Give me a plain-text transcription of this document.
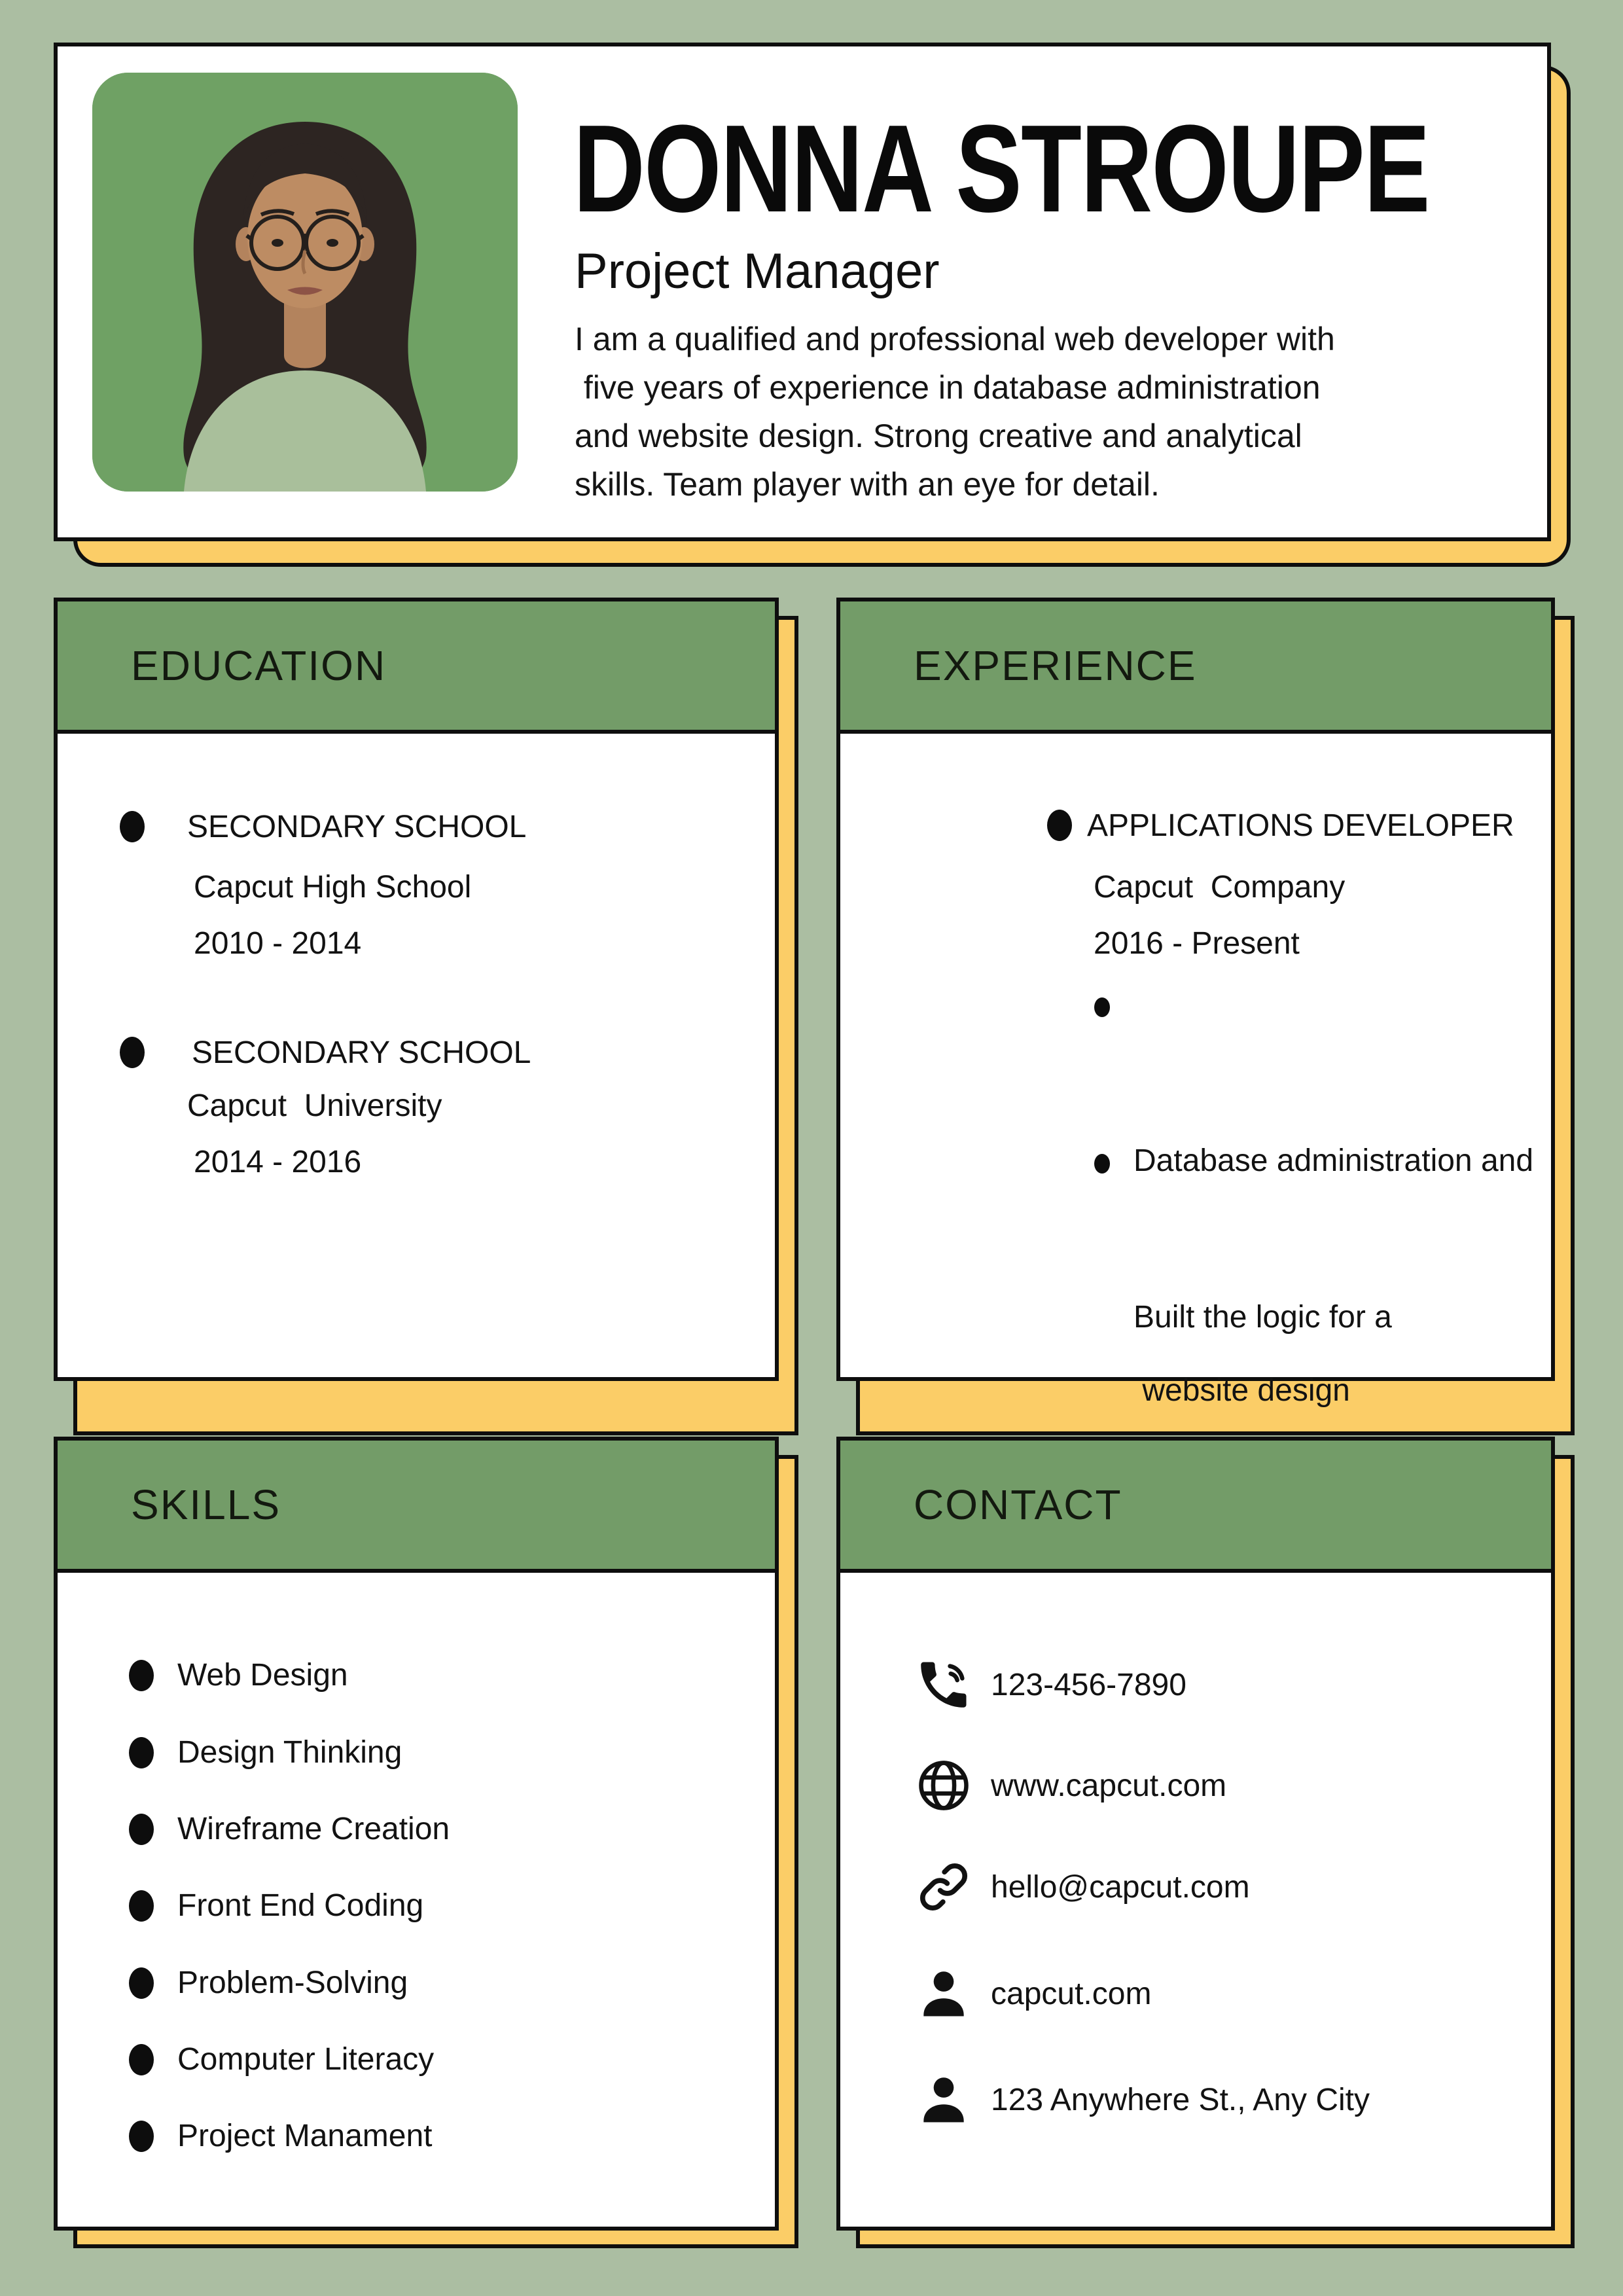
DONNA STROUPE
Project Manager
I am a qualified and professional web developer with
five years of experience in database administration
and website design. Strong creative and analytical
skills. Team player with an eye for detail.
EDUCATION
SECONDARY SCHOOL
Capcut High School
2010 - 2014
SECONDARY SCHOOL
Capcut  University
2014 - 2016
EXPERIENCE
APPLICATIONS DEVELOPER
Capcut  Company
2016 - Present

Database administration and

website design

Built the logic for a

SKILLS
Web Design
Design Thinking
Wireframe Creation
Front End Coding
Problem-Solving
Computer Literacy
Project Manament
CONTACT
123-456-7890
www.capcut.com
hello@capcut.com
capcut.com
123 Anywhere St., Any City
